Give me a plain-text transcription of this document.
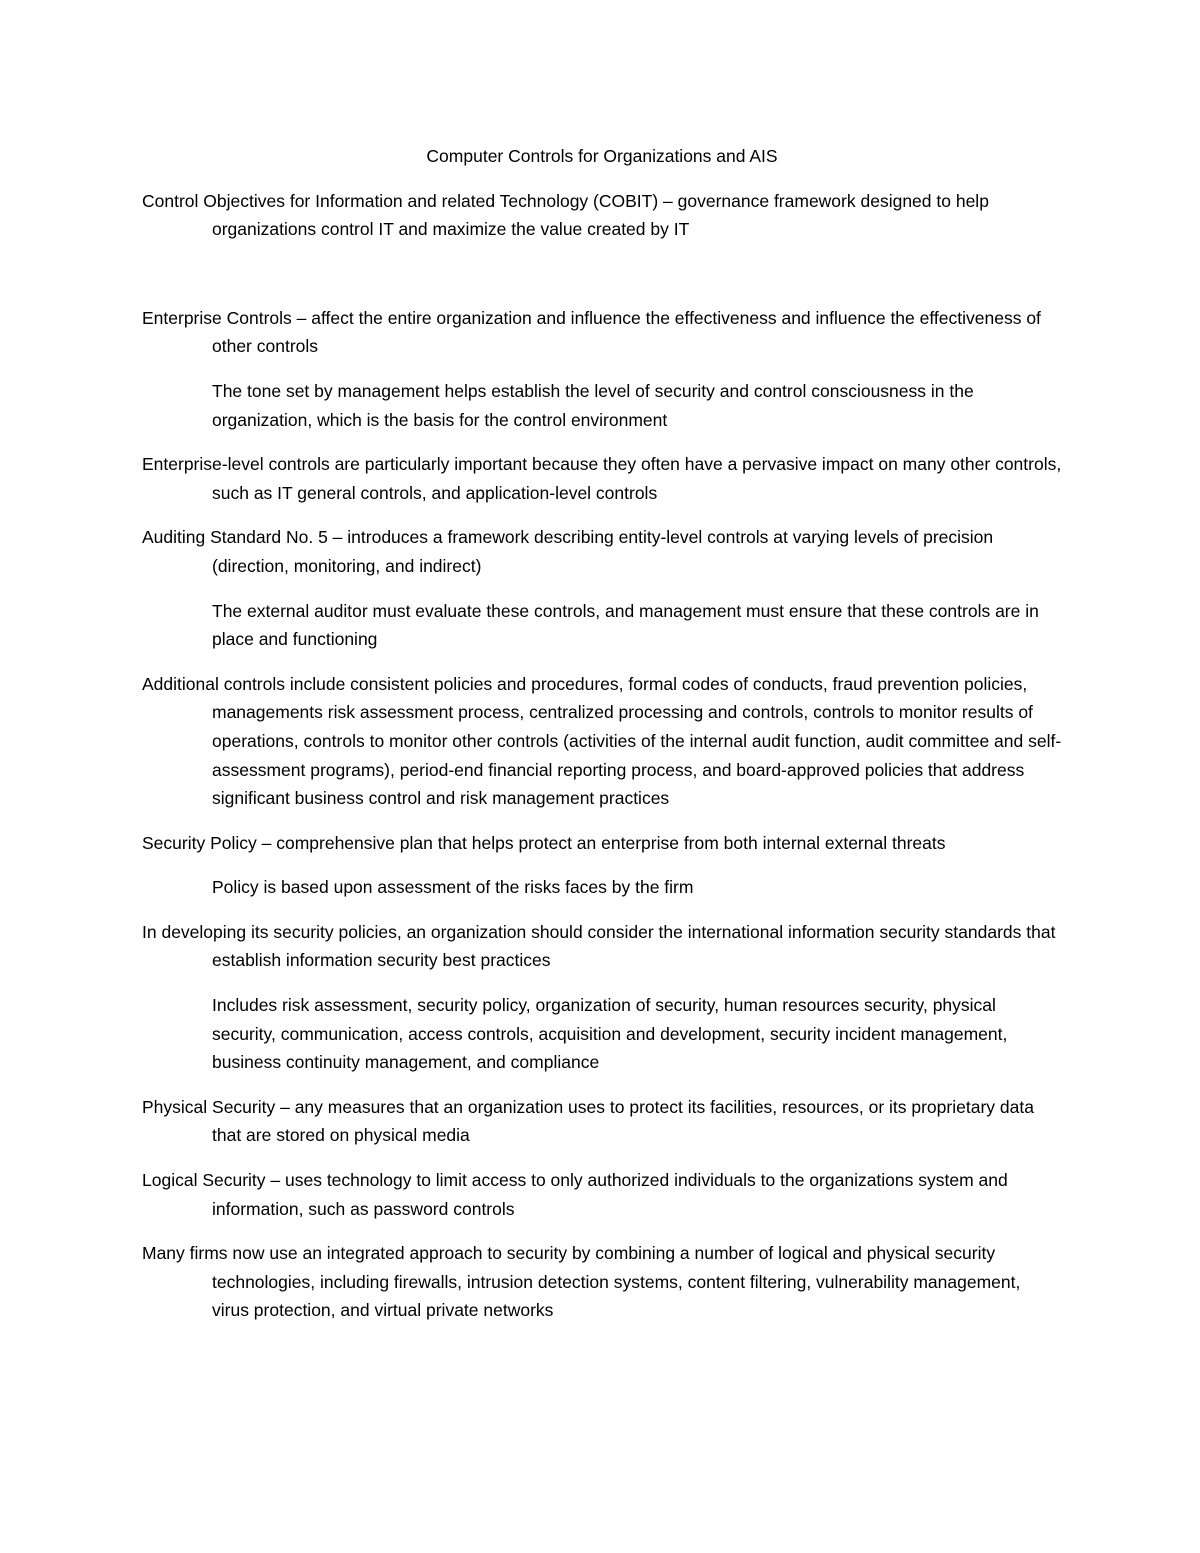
Computer Controls for Organizations and AIS

Control Objectives for Information and related Technology (COBIT) – governance framework designed to help organizations control IT and maximize the value created by IT

Enterprise Controls – affect the entire organization and influence the effectiveness and influence the effectiveness of other controls

The tone set by management helps establish the level of security and control consciousness in the organization, which is the basis for the control environment

Enterprise-level controls are particularly important because they often have a pervasive impact on many other controls, such as IT general controls, and application-level controls

Auditing Standard No. 5 – introduces a framework describing entity-level controls at varying levels of precision (direction, monitoring, and indirect)

The external auditor must evaluate these controls, and management must ensure that these controls are in place and functioning

Additional controls include consistent policies and procedures, formal codes of conducts, fraud prevention policies, managements risk assessment process, centralized processing and controls, controls to monitor results of operations, controls to monitor other controls (activities of the internal audit function, audit committee and self-assessment programs), period-end financial reporting process, and board-approved policies that address significant business control and risk management practices

Security Policy – comprehensive plan that helps protect an enterprise from both internal external threats

Policy is based upon assessment of the risks faces by the firm

In developing its security policies, an organization should consider the international information security standards that establish information security best practices

Includes risk assessment, security policy, organization of security, human resources security, physical security, communication, access controls, acquisition and development, security incident management, business continuity management, and compliance

Physical Security – any measures that an organization uses to protect its facilities, resources, or its proprietary data that are stored on physical media

Logical Security – uses technology to limit access to only authorized individuals to the organizations system and information, such as password controls

Many firms now use an integrated approach to security by combining a number of logical and physical security technologies, including firewalls, intrusion detection systems, content filtering, vulnerability management, virus protection, and virtual private networks
